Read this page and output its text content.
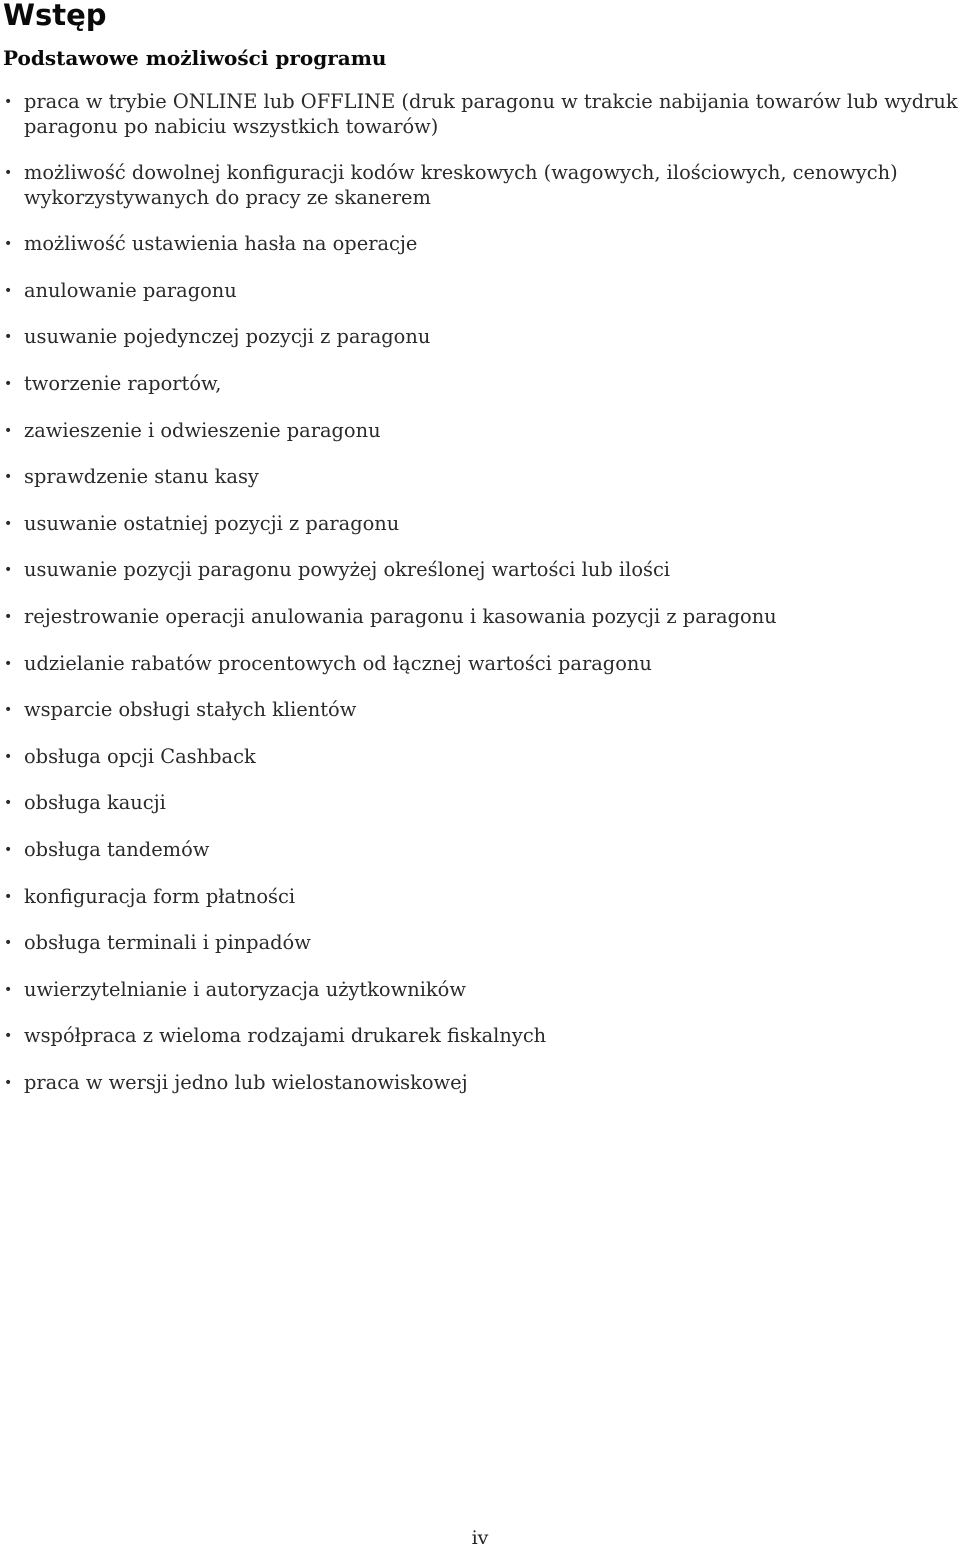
Wstęp
Podstawowe możliwości programu
• praca w trybie ONLINE lub OFFLINE (druk paragonu w trakcie nabijania towarów lub wydruk paragonu po nabiciu wszystkich towarów)
• możliwość dowolnej konfiguracji kodów kreskowych (wagowych, ilościowych, cenowych) wykorzystywanych do pracy ze skanerem
• możliwość ustawienia hasła na operacje
• anulowanie paragonu
• usuwanie pojedynczej pozycji z paragonu
• tworzenie raportów,
• zawieszenie i odwieszenie paragonu
• sprawdzenie stanu kasy
• usuwanie ostatniej pozycji z paragonu
• usuwanie pozycji paragonu powyżej określonej wartości lub ilości
• rejestrowanie operacji anulowania paragonu i kasowania pozycji z paragonu
• udzielanie rabatów procentowych od łącznej wartości paragonu
• wsparcie obsługi stałych klientów
• obsługa opcji Cashback
• obsługa kaucji
• obsługa tandemów
• konfiguracja form płatności
• obsługa terminali i pinpadów
• uwierzytelnianie i autoryzacja użytkowników
• współpraca z wieloma rodzajami drukarek fiskalnych
• praca w wersji jedno lub wielostanowiskowej
iv
